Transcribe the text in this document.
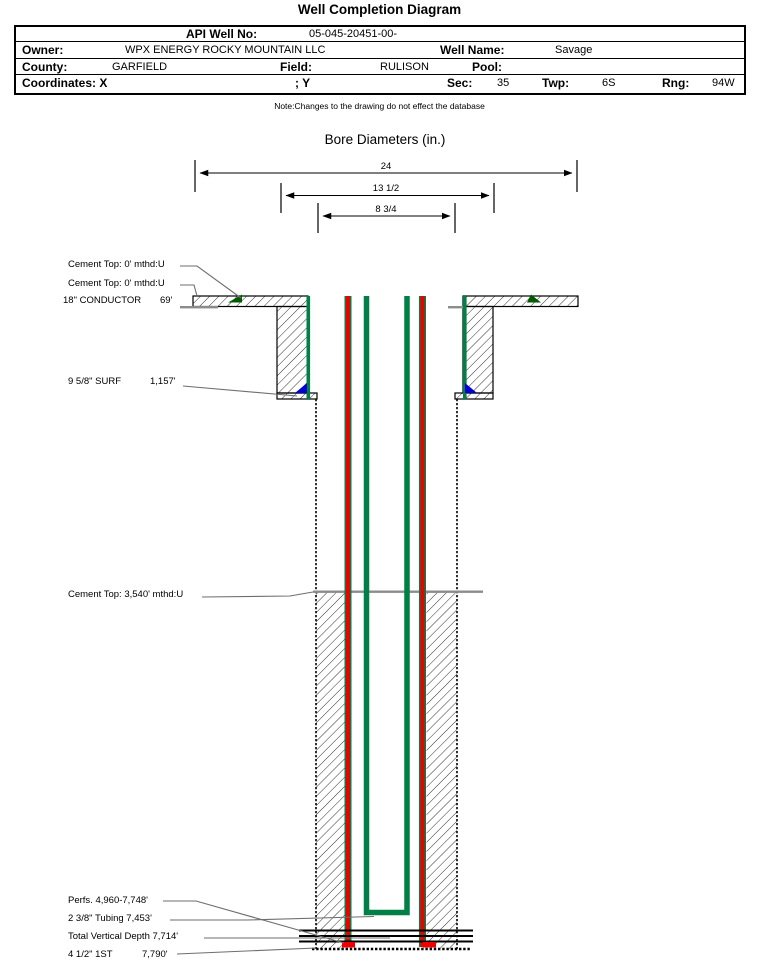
Well Completion Diagram
API Well No:	05-045-20451-00-
Owner:	WPX ENERGY ROCKY MOUNTAIN LLC	Well Name:	Savage
County:	GARFIELD	Field:	RULISON	Pool:
Coordinates: X	; Y	Sec: 35	Twp:	6S	Rng: 94W
Note:Changes to the drawing do not effect the database
Bore Diameters (in.)
24
13 1/2
8 3/4
Cement Top: 0' mthd:U
Cement Top: 0' mthd:U
18" CONDUCTOR 69'
9 5/8" SURF	1,157'
Cement Top: 3,540' mthd:U
Perfs. 4,960-7,748'
2 3/8" Tubing 7,453'
Total Vertical Depth 7,714'
4 1/2" 1ST	7,790'
